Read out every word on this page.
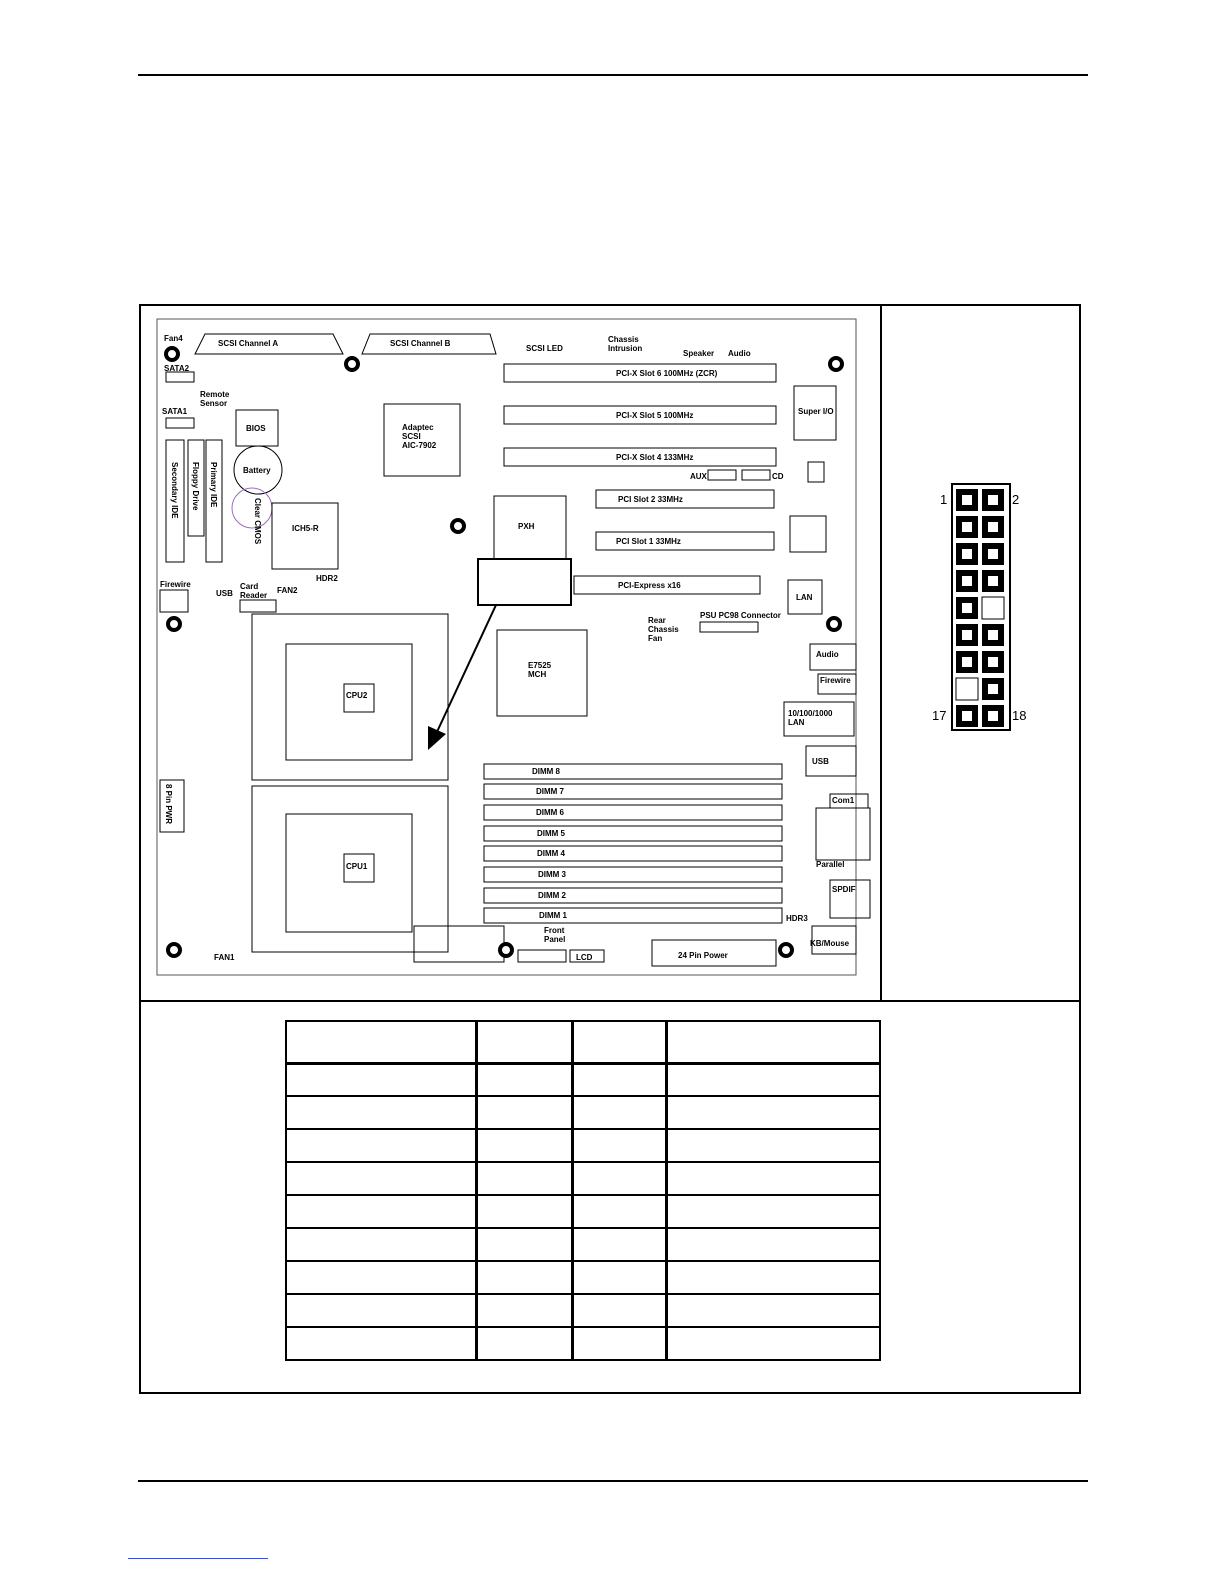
Fan4
SCSI Channel A	SCSI Channel B
SCSI LED
Chassis Intrusion
Speaker Audio
SATA2
Remote Sensor
SATA1
BIOS
Battery
Clear CMOS
Secondary IDE Floppy Drive Primary IDE
Adaptec SCSI AIC-7902
ICH5-R
HDR2
Firewire
USB
Card Reader
FAN2
PXH
PCI-X Slot 6 100MHz (ZCR)
PCI-X Slot 5 100MHz
PCI-X Slot 4 133MHz
AUX	CD
PCI Slot 2 33MHz
PCI Slot 1 33MHz
PCI-Express x16
Super I/O
LAN
Rear Chassis Fan
PSU PC98 Connector
Audio
Firewire
10/100/1000 LAN
USB
CPU2
CPU1
E7525 MCH
8 Pin PWR	Com1
Parallel
SPDIF
HDR3
KB/Mouse
FAN1
Front Panel
LCD	24 Pin Power
DIMM 8
DIMM 7
DIMM 6
DIMM 5
DIMM 4
DIMM 3
DIMM 2
DIMM 1
1	2
17	18
